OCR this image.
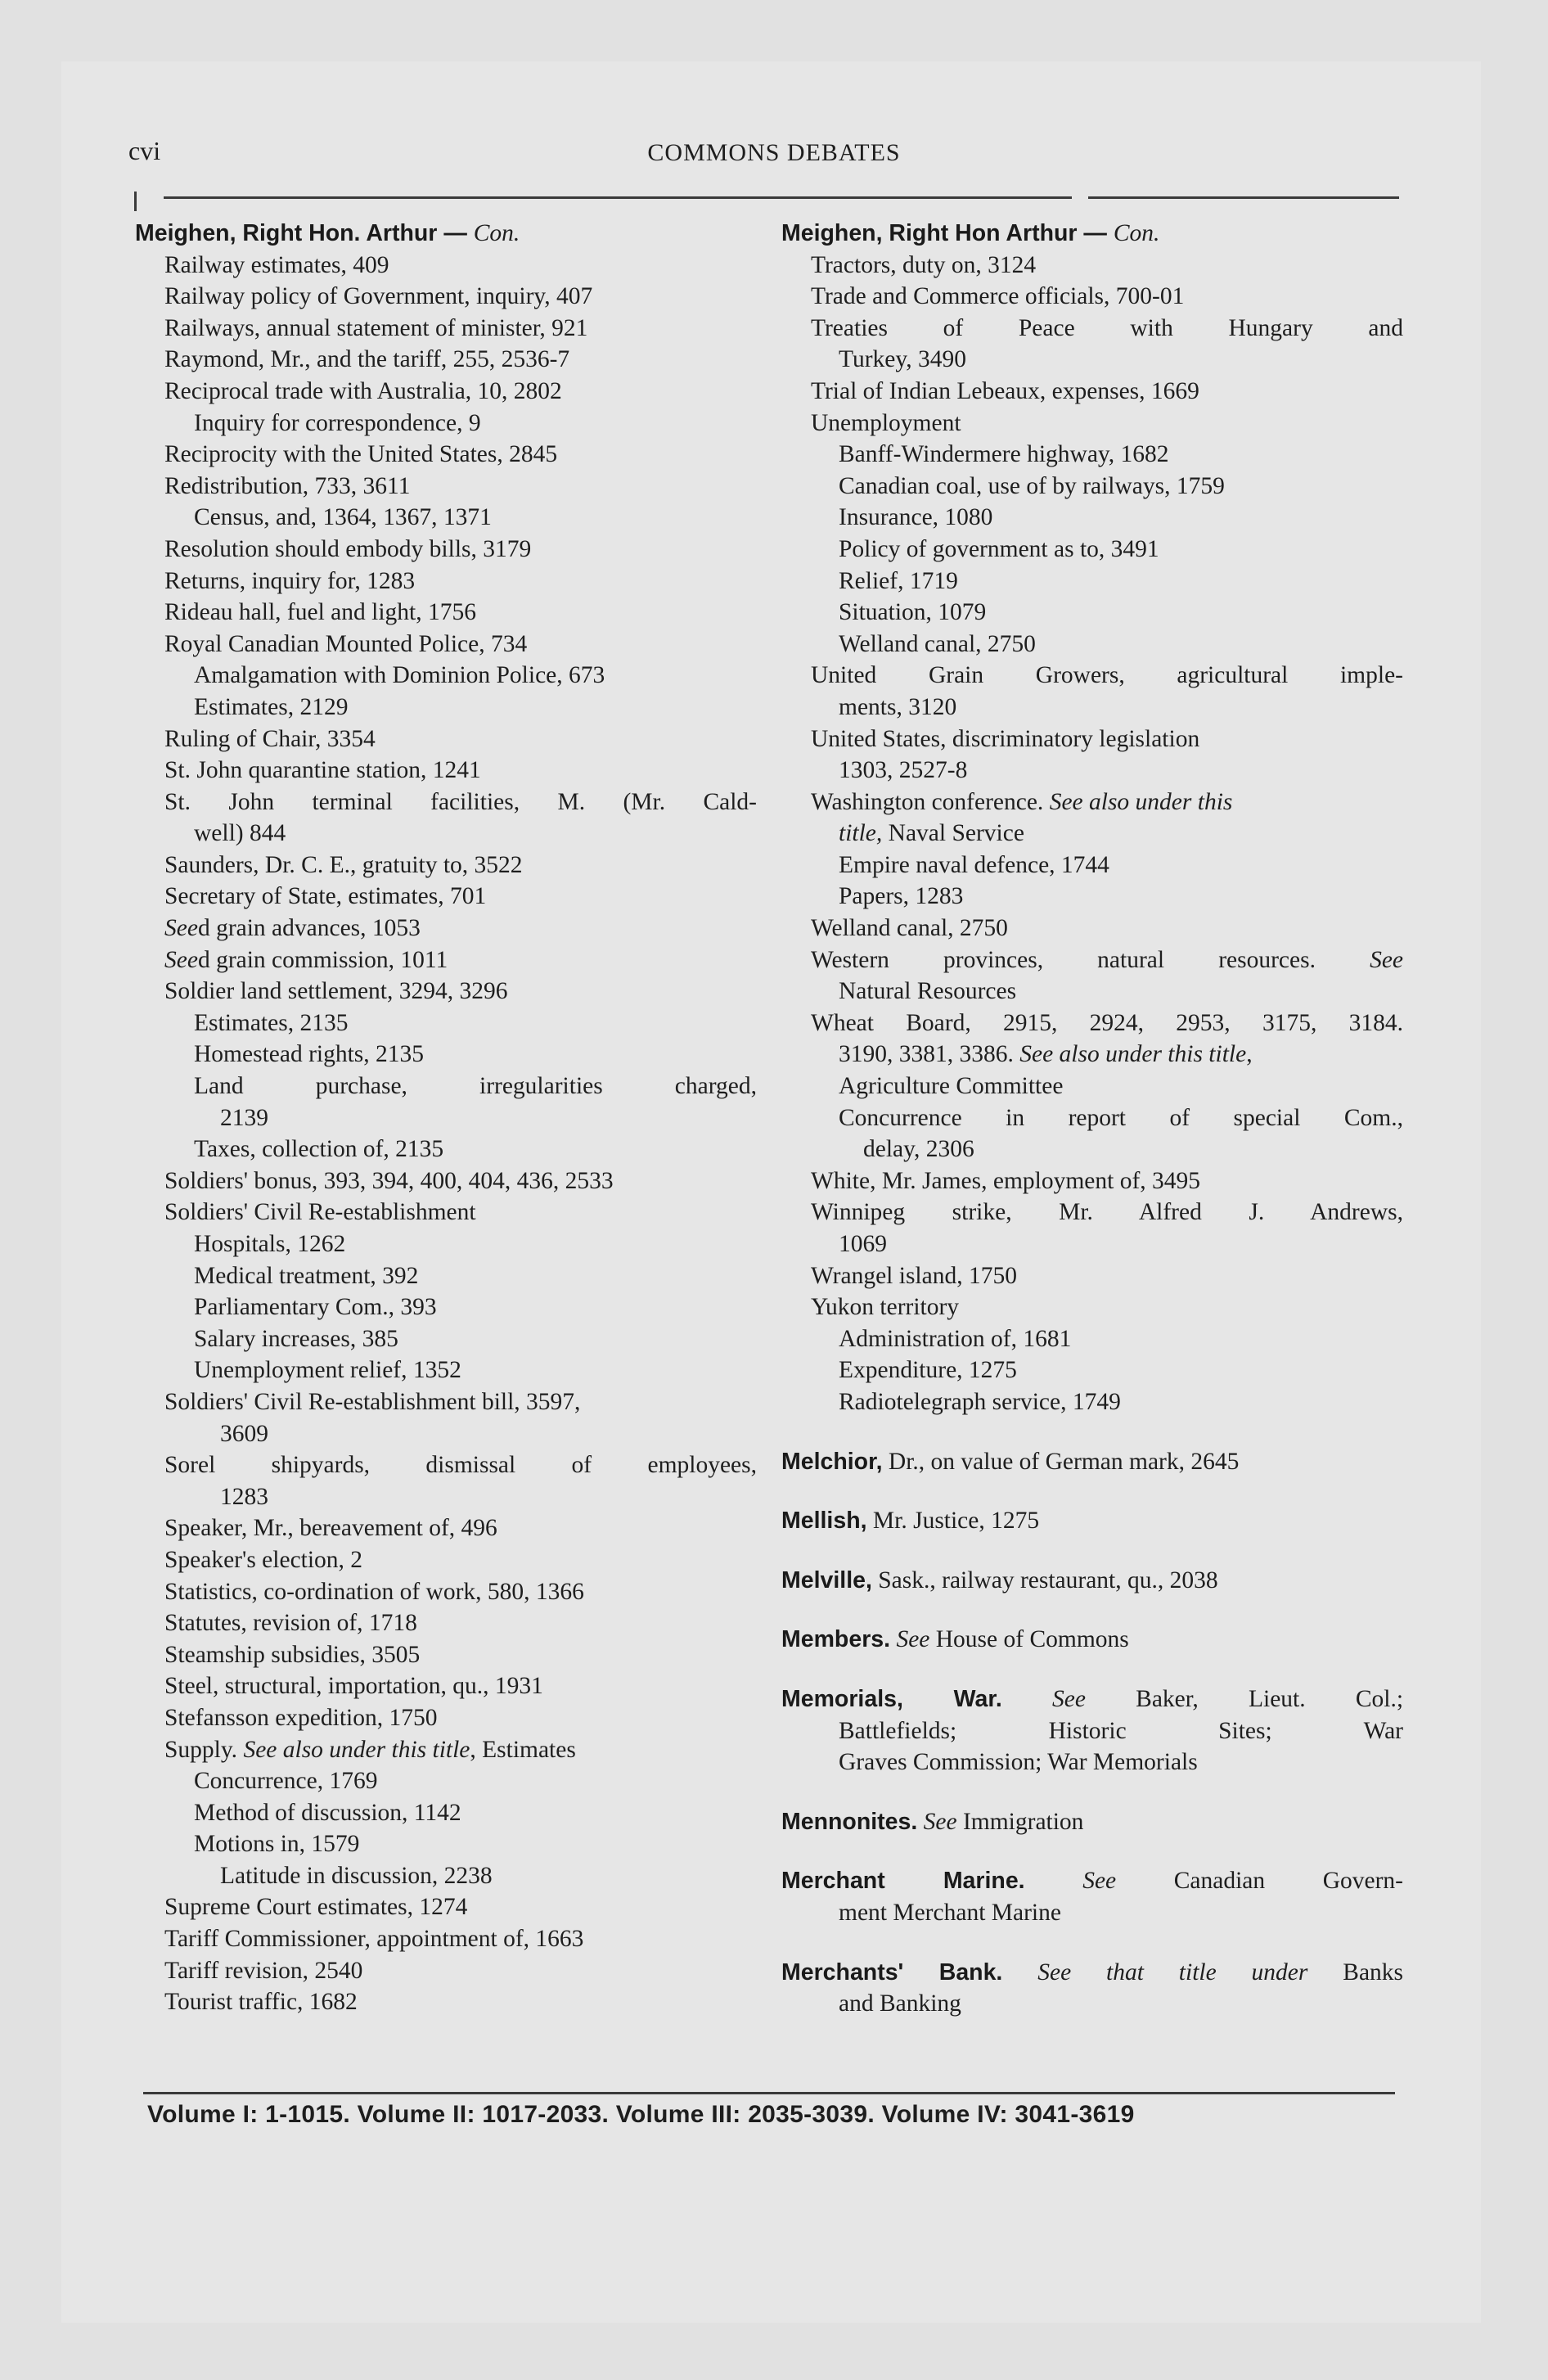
cvi	COMMONS DEBATES
Meighen, Right Hon. Arthur — Con.
Railway estimates, 409
Railway policy of Government, inquiry, 407
Railways, annual statement of minister, 921
Raymond, Mr., and the tariff, 255, 2536-7
Reciprocal trade with Australia, 10, 2802
Inquiry for correspondence, 9
Reciprocity with the United States, 2845
Redistribution, 733, 3611
Census, and, 1364, 1367, 1371
Resolution should embody bills, 3179
Returns, inquiry for, 1283
Rideau hall, fuel and light, 1756
Royal Canadian Mounted Police, 734
Amalgamation with Dominion Police, 673
Estimates, 2129
Ruling of Chair, 3354
St. John quarantine station, 1241
St. John terminal facilities, M. (Mr. Cald-
well) 844
Saunders, Dr. C. E., gratuity to, 3522
Secretary of State, estimates, 701
Seed grain advances, 1053
Seed grain commission, 1011
Soldier land settlement, 3294, 3296
Estimates, 2135
Homestead rights, 2135
Land purchase, irregularities charged,
2139
Taxes, collection of, 2135
Soldiers' bonus, 393, 394, 400, 404, 436, 2533
Soldiers' Civil Re-establishment
Hospitals, 1262
Medical treatment, 392
Parliamentary Com., 393
Salary increases, 385
Unemployment relief, 1352
Soldiers' Civil Re-establishment bill, 3597,
3609
Sorel shipyards, dismissal of employees,
1283
Speaker, Mr., bereavement of, 496
Speaker's election, 2
Statistics, co-ordination of work, 580, 1366
Statutes, revision of, 1718
Steamship subsidies, 3505
Steel, structural, importation, qu., 1931
Stefansson expedition, 1750
Supply. See also under this title, Estimates
Concurrence, 1769
Method of discussion, 1142
Motions in, 1579
Latitude in discussion, 2238
Supreme Court estimates, 1274
Tariff Commissioner, appointment of, 1663
Tariff revision, 2540
Tourist traffic, 1682
Meighen, Right Hon Arthur — Con.
Tractors, duty on, 3124
Trade and Commerce officials, 700-01
Treaties of Peace with Hungary and
Turkey, 3490
Trial of Indian Lebeaux, expenses, 1669
Unemployment
Banff-Windermere highway, 1682
Canadian coal, use of by railways, 1759
Insurance, 1080
Policy of government as to, 3491
Relief, 1719
Situation, 1079
Welland canal, 2750
United Grain Growers, agricultural imple-
ments, 3120
United States, discriminatory legislation
1303, 2527-8
Washington conference. See also under this
title, Naval Service
Empire naval defence, 1744
Papers, 1283
Welland canal, 2750
Western provinces, natural resources. See
Natural Resources
Wheat Board, 2915, 2924, 2953, 3175, 3184.
3190, 3381, 3386. See also under this title,
Agriculture Committee
Concurrence in report of special Com.,
delay, 2306
White, Mr. James, employment of, 3495
Winnipeg strike, Mr. Alfred J. Andrews,
1069
Wrangel island, 1750
Yukon territory
Administration of, 1681
Expenditure, 1275
Radiotelegraph service, 1749
Melchior, Dr., on value of German mark, 2645
Mellish, Mr. Justice, 1275
Melville, Sask., railway restaurant, qu., 2038
Members. See House of Commons
Memorials, War. See Baker, Lieut. Col.;
Battlefields; Historic Sites; War
Graves Commission; War Memorials
Mennonites. See Immigration
Merchant Marine. See Canadian Govern-
ment Merchant Marine
Merchants' Bank. See that title under Banks
and Banking
Volume I: 1-1015. Volume II: 1017-2033. Volume III: 2035-3039. Volume IV: 3041-3619
